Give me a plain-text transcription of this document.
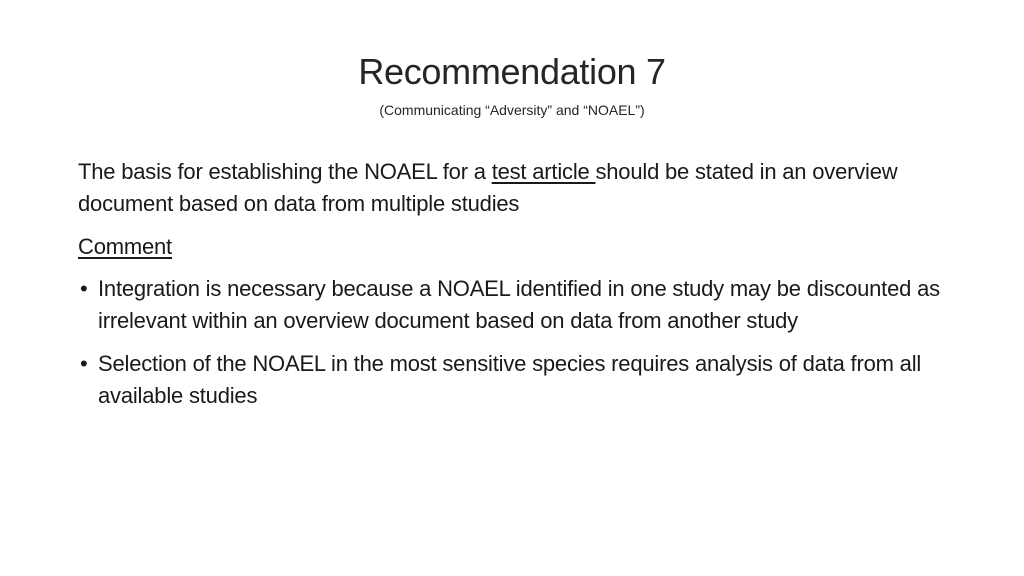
Recommendation 7
(Communicating “Adversity” and “NOAEL”)

The basis for establishing the NOAEL for a test article should be stated in an overview document based on data from multiple studies

Comment

• Integration is necessary because a NOAEL identified in one study may be discounted as irrelevant within an overview document based on data from another study
• Selection of the NOAEL in the most sensitive species requires analysis of data from all available studies
